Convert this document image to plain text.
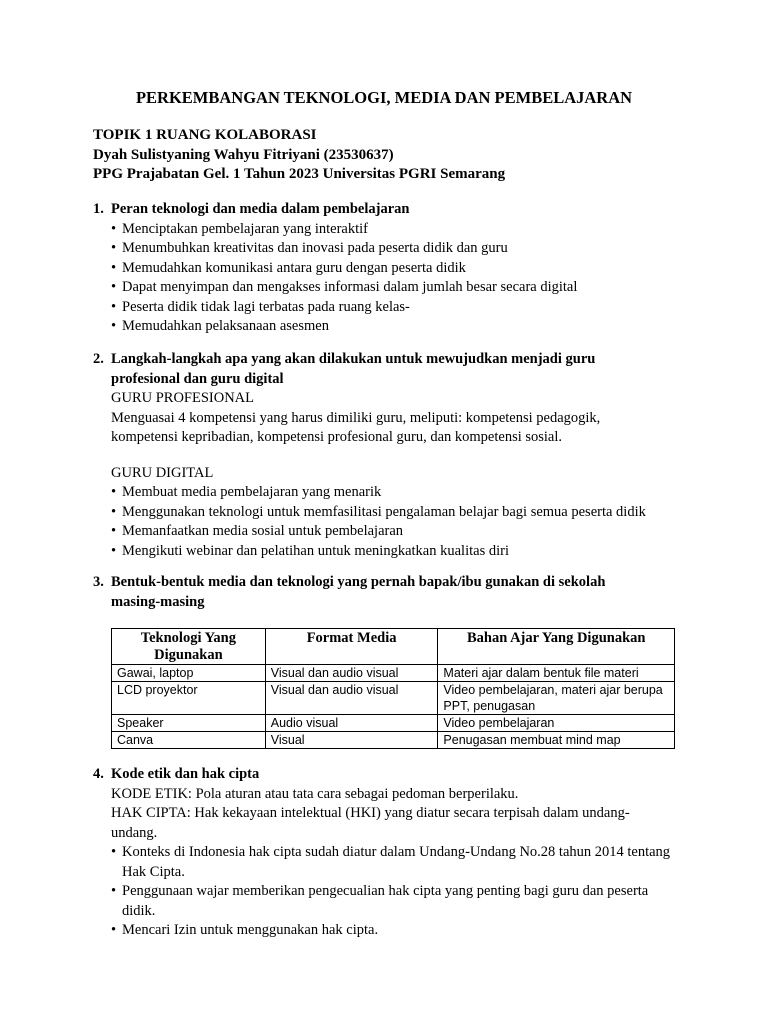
PERKEMBANGAN TEKNOLOGI, MEDIA DAN PEMBELAJARAN
TOPIK 1 RUANG KOLABORASI
Dyah Sulistyaning Wahyu Fitriyani (23530637)
PPG Prajabatan Gel. 1 Tahun 2023 Universitas PGRI Semarang
1. Peran teknologi dan media dalam pembelajaran
• Menciptakan pembelajaran yang interaktif
• Menumbuhkan kreativitas dan inovasi pada peserta didik dan guru
• Memudahkan komunikasi antara guru dengan peserta didik
• Dapat menyimpan dan mengakses informasi dalam jumlah besar secara digital
• Peserta didik tidak lagi terbatas pada ruang kelas-
• Memudahkan pelaksanaan asesmen
2. Langkah-langkah apa yang akan dilakukan untuk mewujudkan menjadi guru
profesional dan guru digital
GURU PROFESIONAL
Menguasai 4 kompetensi yang harus dimiliki guru, meliputi: kompetensi pedagogik,
kompetensi kepribadian, kompetensi profesional guru, dan kompetensi sosial.
GURU DIGITAL
• Membuat media pembelajaran yang menarik
• Menggunakan teknologi untuk memfasilitasi pengalaman belajar bagi semua peserta didik
• Memanfaatkan media sosial untuk pembelajaran
• Mengikuti webinar dan pelatihan untuk meningkatkan kualitas diri
3. Bentuk-bentuk media dan teknologi yang pernah bapak/ibu gunakan di sekolah
masing-masing
Teknologi Yang Digunakan	Format Media	Bahan Ajar Yang Digunakan
Gawai, laptop	Visual dan audio visual	Materi ajar dalam bentuk file materi
LCD proyektor	Visual dan audio visual	Video pembelajaran, materi ajar berupa PPT, penugasan
Speaker	Audio visual	Video pembelajaran
Canva	Visual	Penugasan membuat mind map
4. Kode etik dan hak cipta
KODE ETIK: Pola aturan atau tata cara sebagai pedoman berperilaku.
HAK CIPTA: Hak kekayaan intelektual (HKI) yang diatur secara terpisah dalam undang-
undang.
• Konteks di Indonesia hak cipta sudah diatur dalam Undang-Undang No.28 tahun 2014 tentang Hak Cipta.
• Penggunaan wajar memberikan pengecualian hak cipta yang penting bagi guru dan peserta didik.
• Mencari Izin untuk menggunakan hak cipta.
